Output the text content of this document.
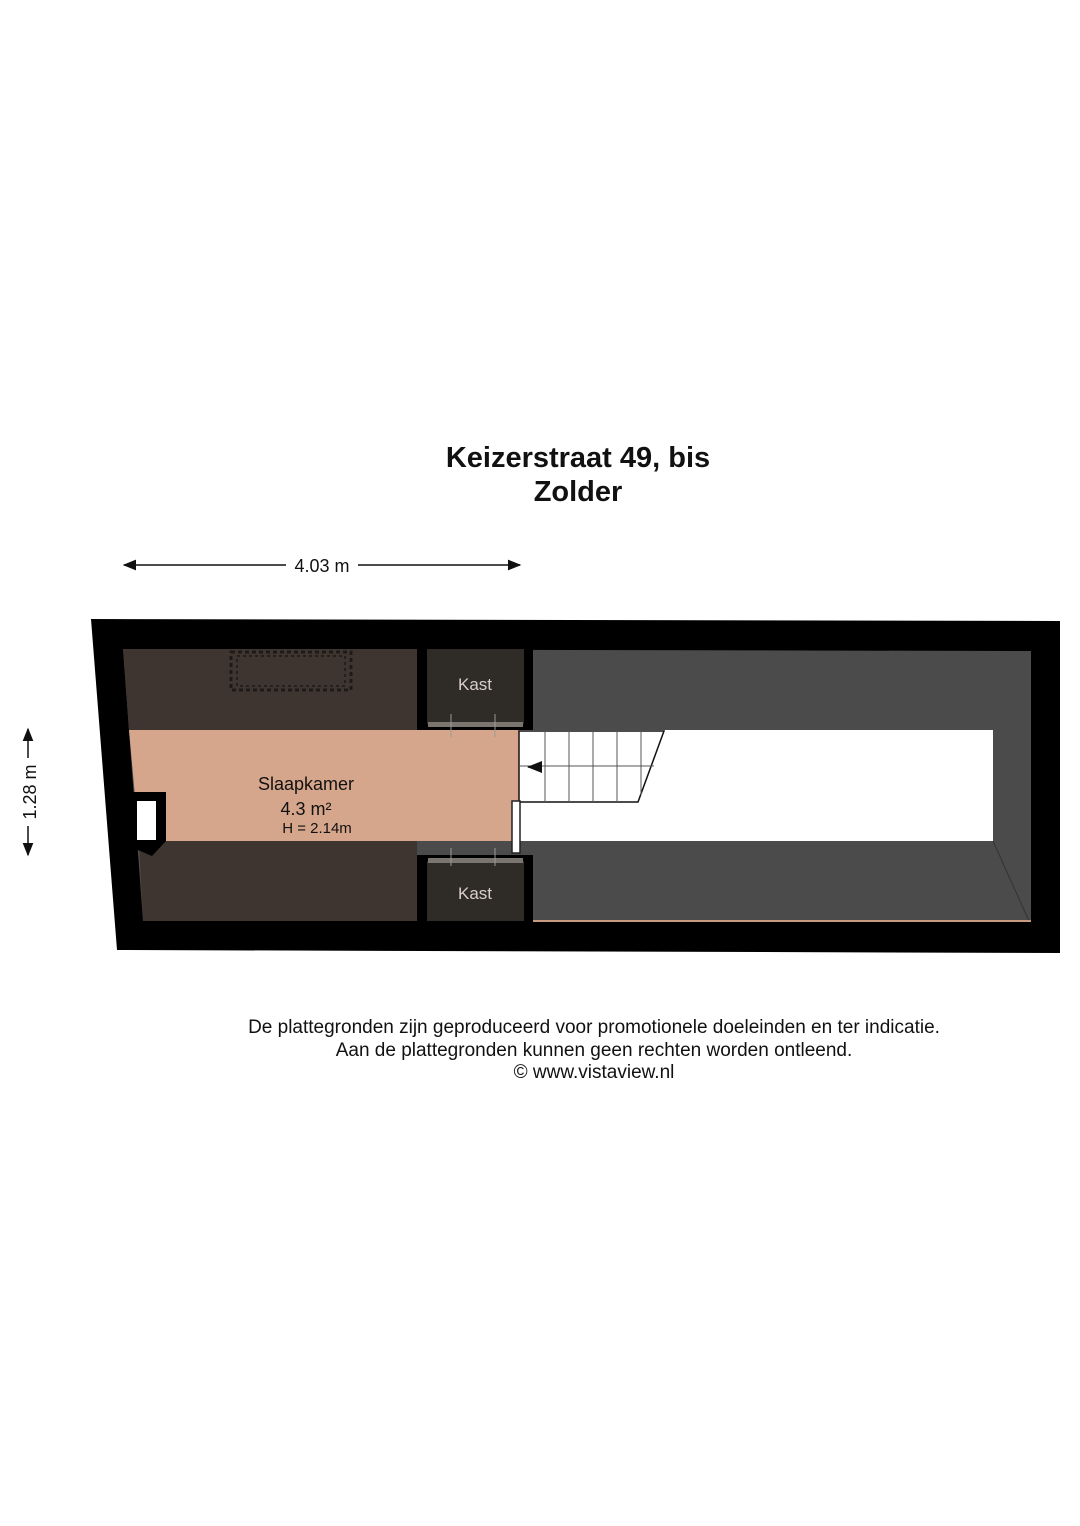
Keizerstraat 49, bis
Zolder
4.03 m
1.28 m
Kast
Kast
Slaapkamer
4.3 m²
H = 2.14m
De plattegronden zijn geproduceerd voor promotionele doeleinden en ter indicatie.
Aan de plattegronden kunnen geen rechten worden ontleend.
© www.vistaview.nl
